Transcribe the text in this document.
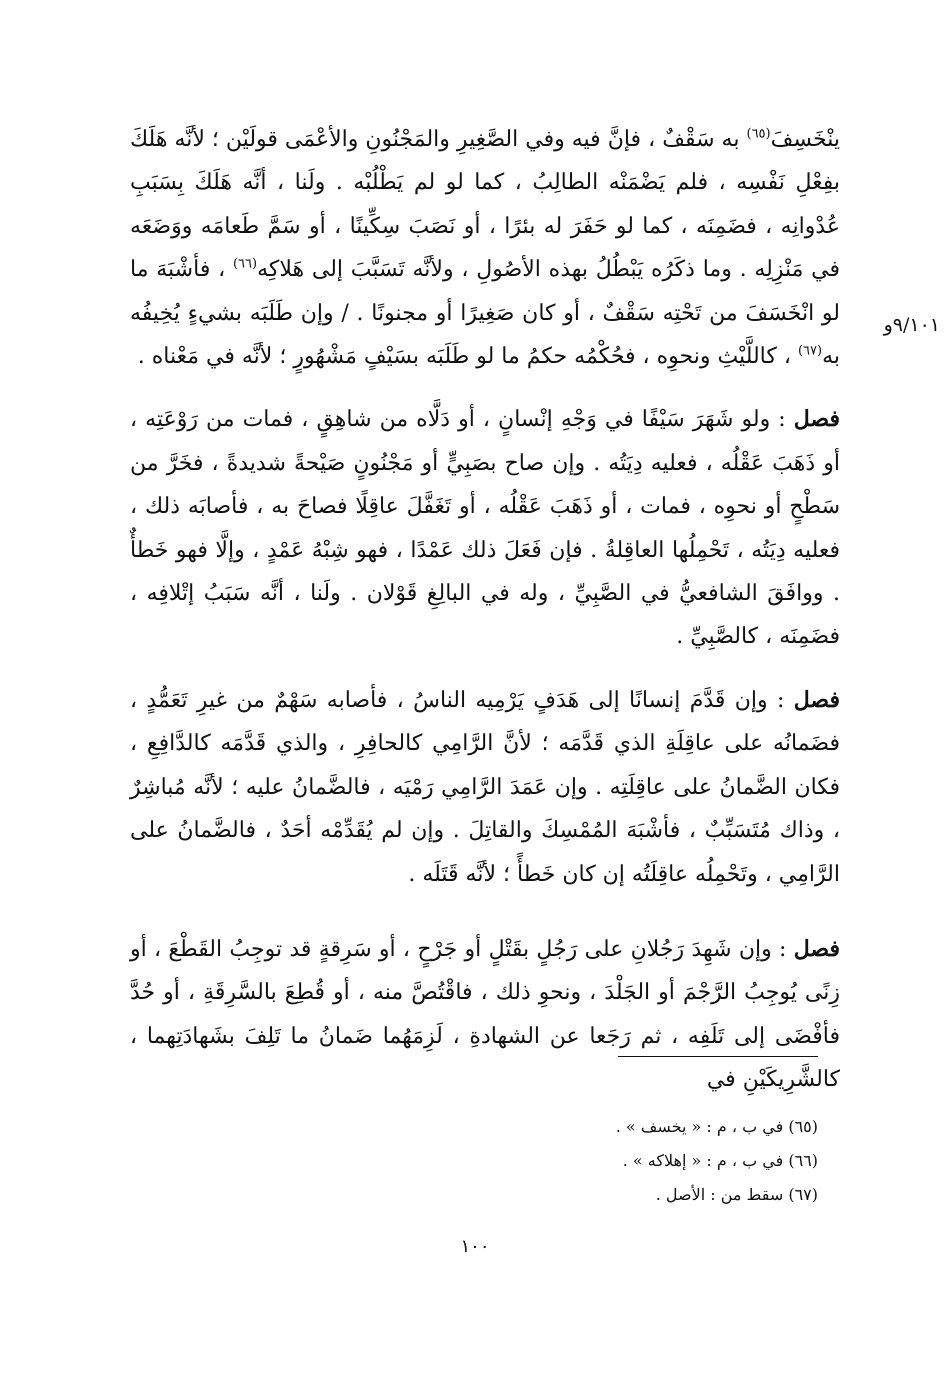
٩/١٠١و

ينْخَسِفَ$^{(٦٥)}$ به سَقْفٌ ، فإنَّ فيه وفي الصَّغِيرِ والمَجْنُونِ والأعْمَى قولَيْن ؛ لأنَّه هَلَكَ بفِعْلِ نَفْسِه ، فلم يَضْمَنْه الطالِبُ ، كما لو لم يَطْلُبْه . ولَنا ، أنَّه هَلَكَ بِسَبَبِ عُدْوانِه ، فضَمِنَه ، كما لو حَفَرَ له بئرًا ، أو نَصَبَ سِكِّينًا ، أو سَمَّ طَعامَه ووَضَعَه في مَنْزِلِه . وما ذكَرُه يَبْطُلُ بهذه الأصُولِ ، ولأنَّه تَسَبَّبَ إلى هَلاكِه$^{(٦٦)}$ ، فأشْبَهَ ما لو انْخَسَفَ من تَحْتِه سَقْفٌ ، أو كان صَغِيرًا أو مجنونًا . / وإن طَلَبَه بشيءٍ يُخِيفُه به$^{(٦٧)}$ ، كاللَّيْثِ ونحوِه ، فحُكْمُه حكمُ ما لو طَلَبَه بسَيْفٍ مَشْهُورٍ ؛ لأنَّه في مَعْناه .

فصل : ولو شَهَرَ سَيْفًا في وَجْهِ إنْسانٍ ، أو دَلَّاه من شاهِقٍ ، فمات من رَوْعَتِه ، أو ذَهَبَ عَقْلُه ، فعليه دِيَتُه . وإن صاح بصَبِيٍّ أو مَجْنُونٍ صَيْحةً شديدةً ، فخَرَّ من سَطْحٍ أو نحوِه ، فمات ، أو ذَهَبَ عَقْلُه ، أو تَغَفَّلَ عاقِلًا فصاحَ به ، فأصابَه ذلك ، فعليه دِيَتُه ، تَحْمِلُها العاقِلةُ . فإن فَعَلَ ذلك عَمْدًا ، فهو شِبْهُ عَمْدٍ ، وإلَّا فهو خَطأٌ . ووافَقَ الشافعيُّ في الصَّبِيِّ ، وله في البالِغِ قَوْلان . ولَنا ، أنَّه سَبَبُ إتْلافِه ، فضَمِنَه ، كالصَّبِيِّ .

فصل : وإن قَدَّمَ إنسانًا إلى هَدَفٍ يَرْمِيه الناسُ ، فأصابه سَهْمٌ من غيرِ تَعَمُّدٍ ، فضَمانُه على عاقِلَةِ الذي قَدَّمَه ؛ لأنَّ الرَّامِي كالحافِرِ ، والذي قَدَّمَه كالدَّافِعِ ، فكان الضَّمانُ على عاقِلَتِه . وإن عَمَدَ الرَّامِي رَمْيَه ، فالضَّمانُ عليه ؛ لأنَّه مُباشِرٌ ، وذاك مُتَسَبِّبٌ ، فأشْبَهَ المُمْسِكَ والقاتِلَ . وإن لم يُقَدِّمْه أحَدٌ ، فالضَّمانُ على الرَّامِي ، وتَحْمِلُه عاقِلَتُه إن كان خَطأً ؛ لأنَّه قَتَلَه .

فصل : وإن شَهِدَ رَجُلانِ على رَجُلٍ بقَتْلٍ أو جَرْحٍ ، أو سَرِقةٍ قد توجِبُ القَطْعَ ، أو زِنًى يُوجِبُ الرَّجْمَ أو الجَلْدَ ، ونحوِ ذلك ، فاقْتُصَّ منه ، أو قُطِعَ بالسَّرِقَةِ ، أو حُدَّ فأفْضَى إلى تَلَفِه ، ثم رَجَعا عن الشهادةِ ، لَزِمَهُما ضَمانُ ما تَلِفَ بشَهادَتِهما ، كالشَّرِيكَيْنِ في

(٦٥) في ب ، م : « يخسف » .

(٦٦) في ب ، م : « إهلاكه » .

(٦٧) سقط من : الأصل .

١٠٠
